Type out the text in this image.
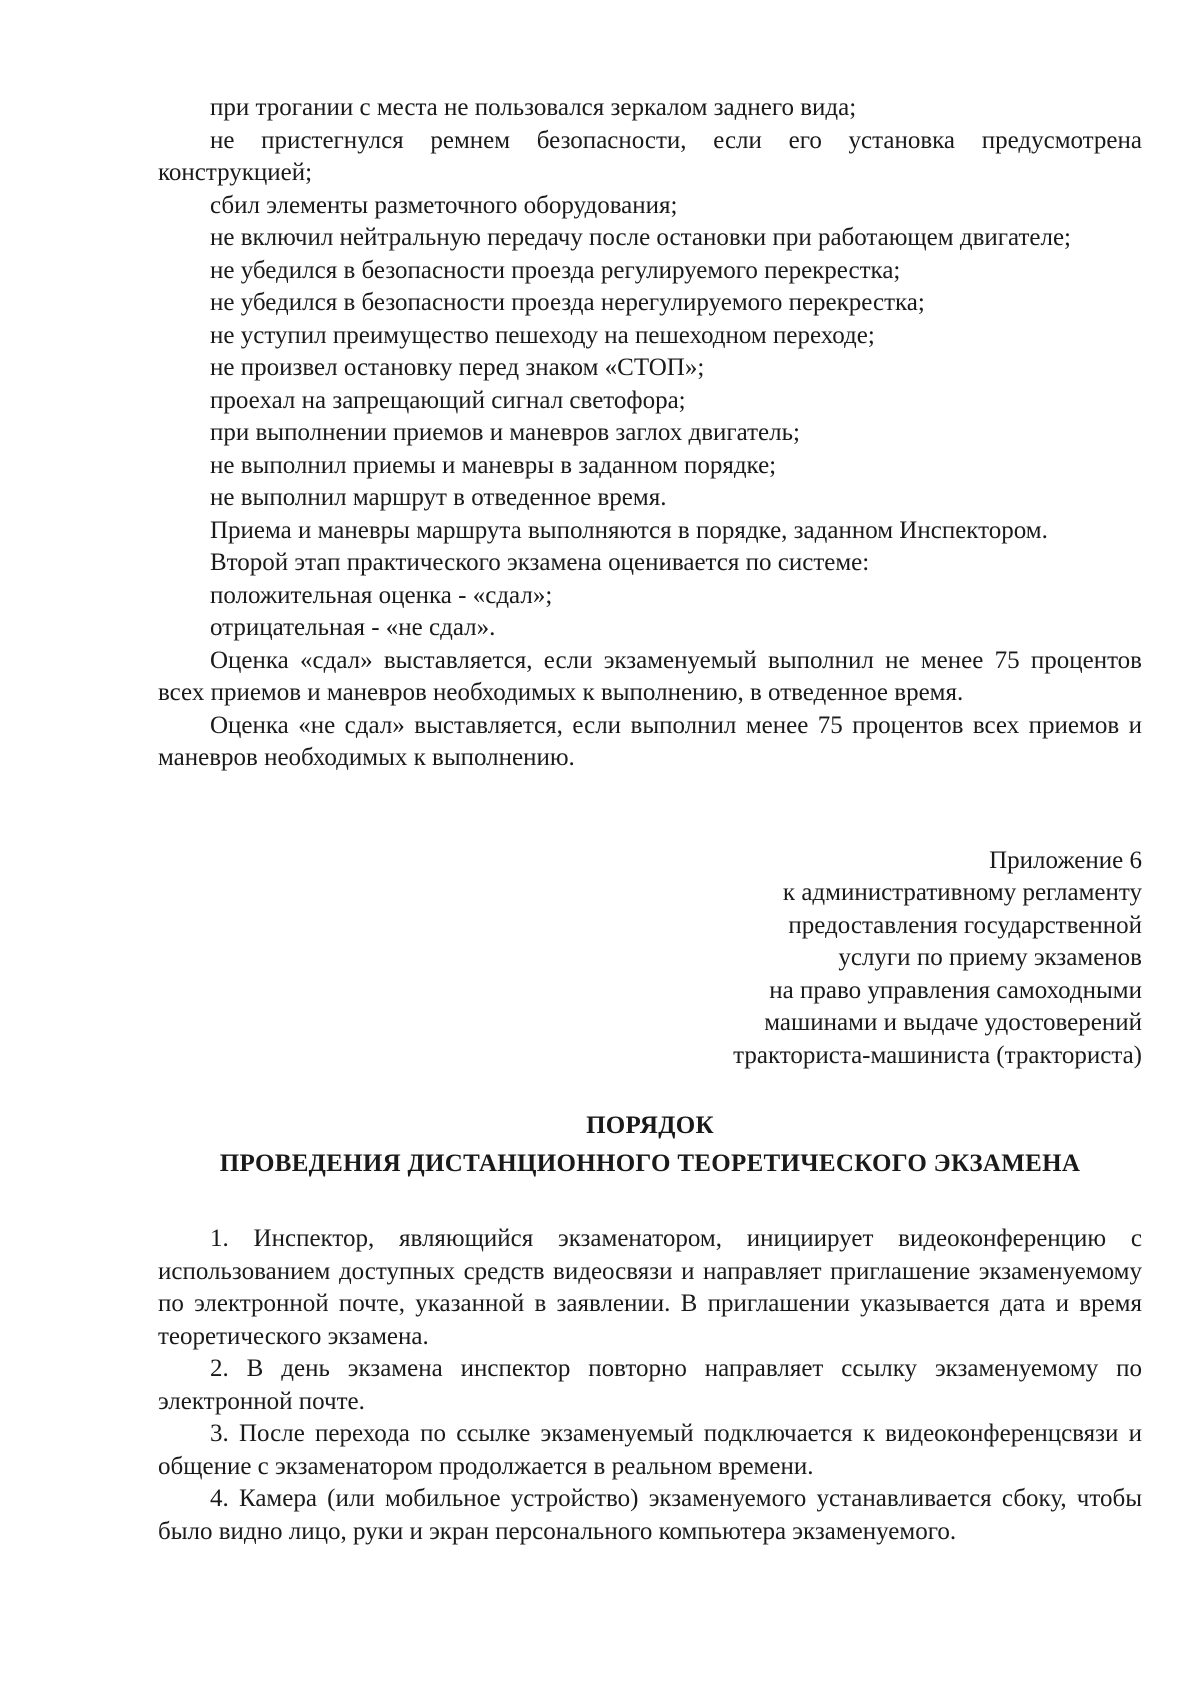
при трогании с места не пользовался зеркалом заднего вида;

не пристегнулся ремнем безопасности, если его установка предусмотрена конструкцией;

сбил элементы разметочного оборудования;

не включил нейтральную передачу после остановки при работающем двигателе;

не убедился в безопасности проезда регулируемого перекрестка;

не убедился в безопасности проезда нерегулируемого перекрестка;

не уступил преимущество пешеходу на пешеходном переходе;

не произвел остановку перед знаком «СТОП»;

проехал на запрещающий сигнал светофора;

при выполнении приемов и маневров заглох двигатель;

не выполнил приемы и маневры в заданном порядке;

не выполнил маршрут в отведенное время.

Приема и маневры маршрута выполняются в порядке, заданном Инспектором.

Второй этап практического экзамена оценивается по системе:

положительная оценка - «сдал»;

отрицательная - «не сдал».

Оценка «сдал» выставляется, если экзаменуемый выполнил не менее 75 процентов всех приемов и маневров необходимых к выполнению, в отведенное время.

Оценка «не сдал» выставляется, если выполнил менее 75 процентов всех приемов и маневров необходимых к выполнению.

Приложение 6
к административному регламенту
предоставления государственной
услуги по приему экзаменов
на право управления самоходными
машинами и выдаче удостоверений
тракториста-машиниста (тракториста)
ПОРЯДОК
ПРОВЕДЕНИЯ ДИСТАНЦИОННОГО ТЕОРЕТИЧЕСКОГО ЭКЗАМЕНА

1. Инспектор, являющийся экзаменатором, инициирует видеоконференцию с использованием доступных средств видеосвязи и направляет приглашение экзаменуемому по электронной почте, указанной в заявлении. В приглашении указывается дата и время теоретического экзамена.

2. В день экзамена инспектор повторно направляет ссылку экзаменуемому по электронной почте.

3. После перехода по ссылке экзаменуемый подключается к видеоконференцсвязи и общение с экзаменатором продолжается в реальном времени.

4. Камера (или мобильное устройство) экзаменуемого устанавливается сбоку, чтобы было видно лицо, руки и экран персонального компьютера экзаменуемого.
